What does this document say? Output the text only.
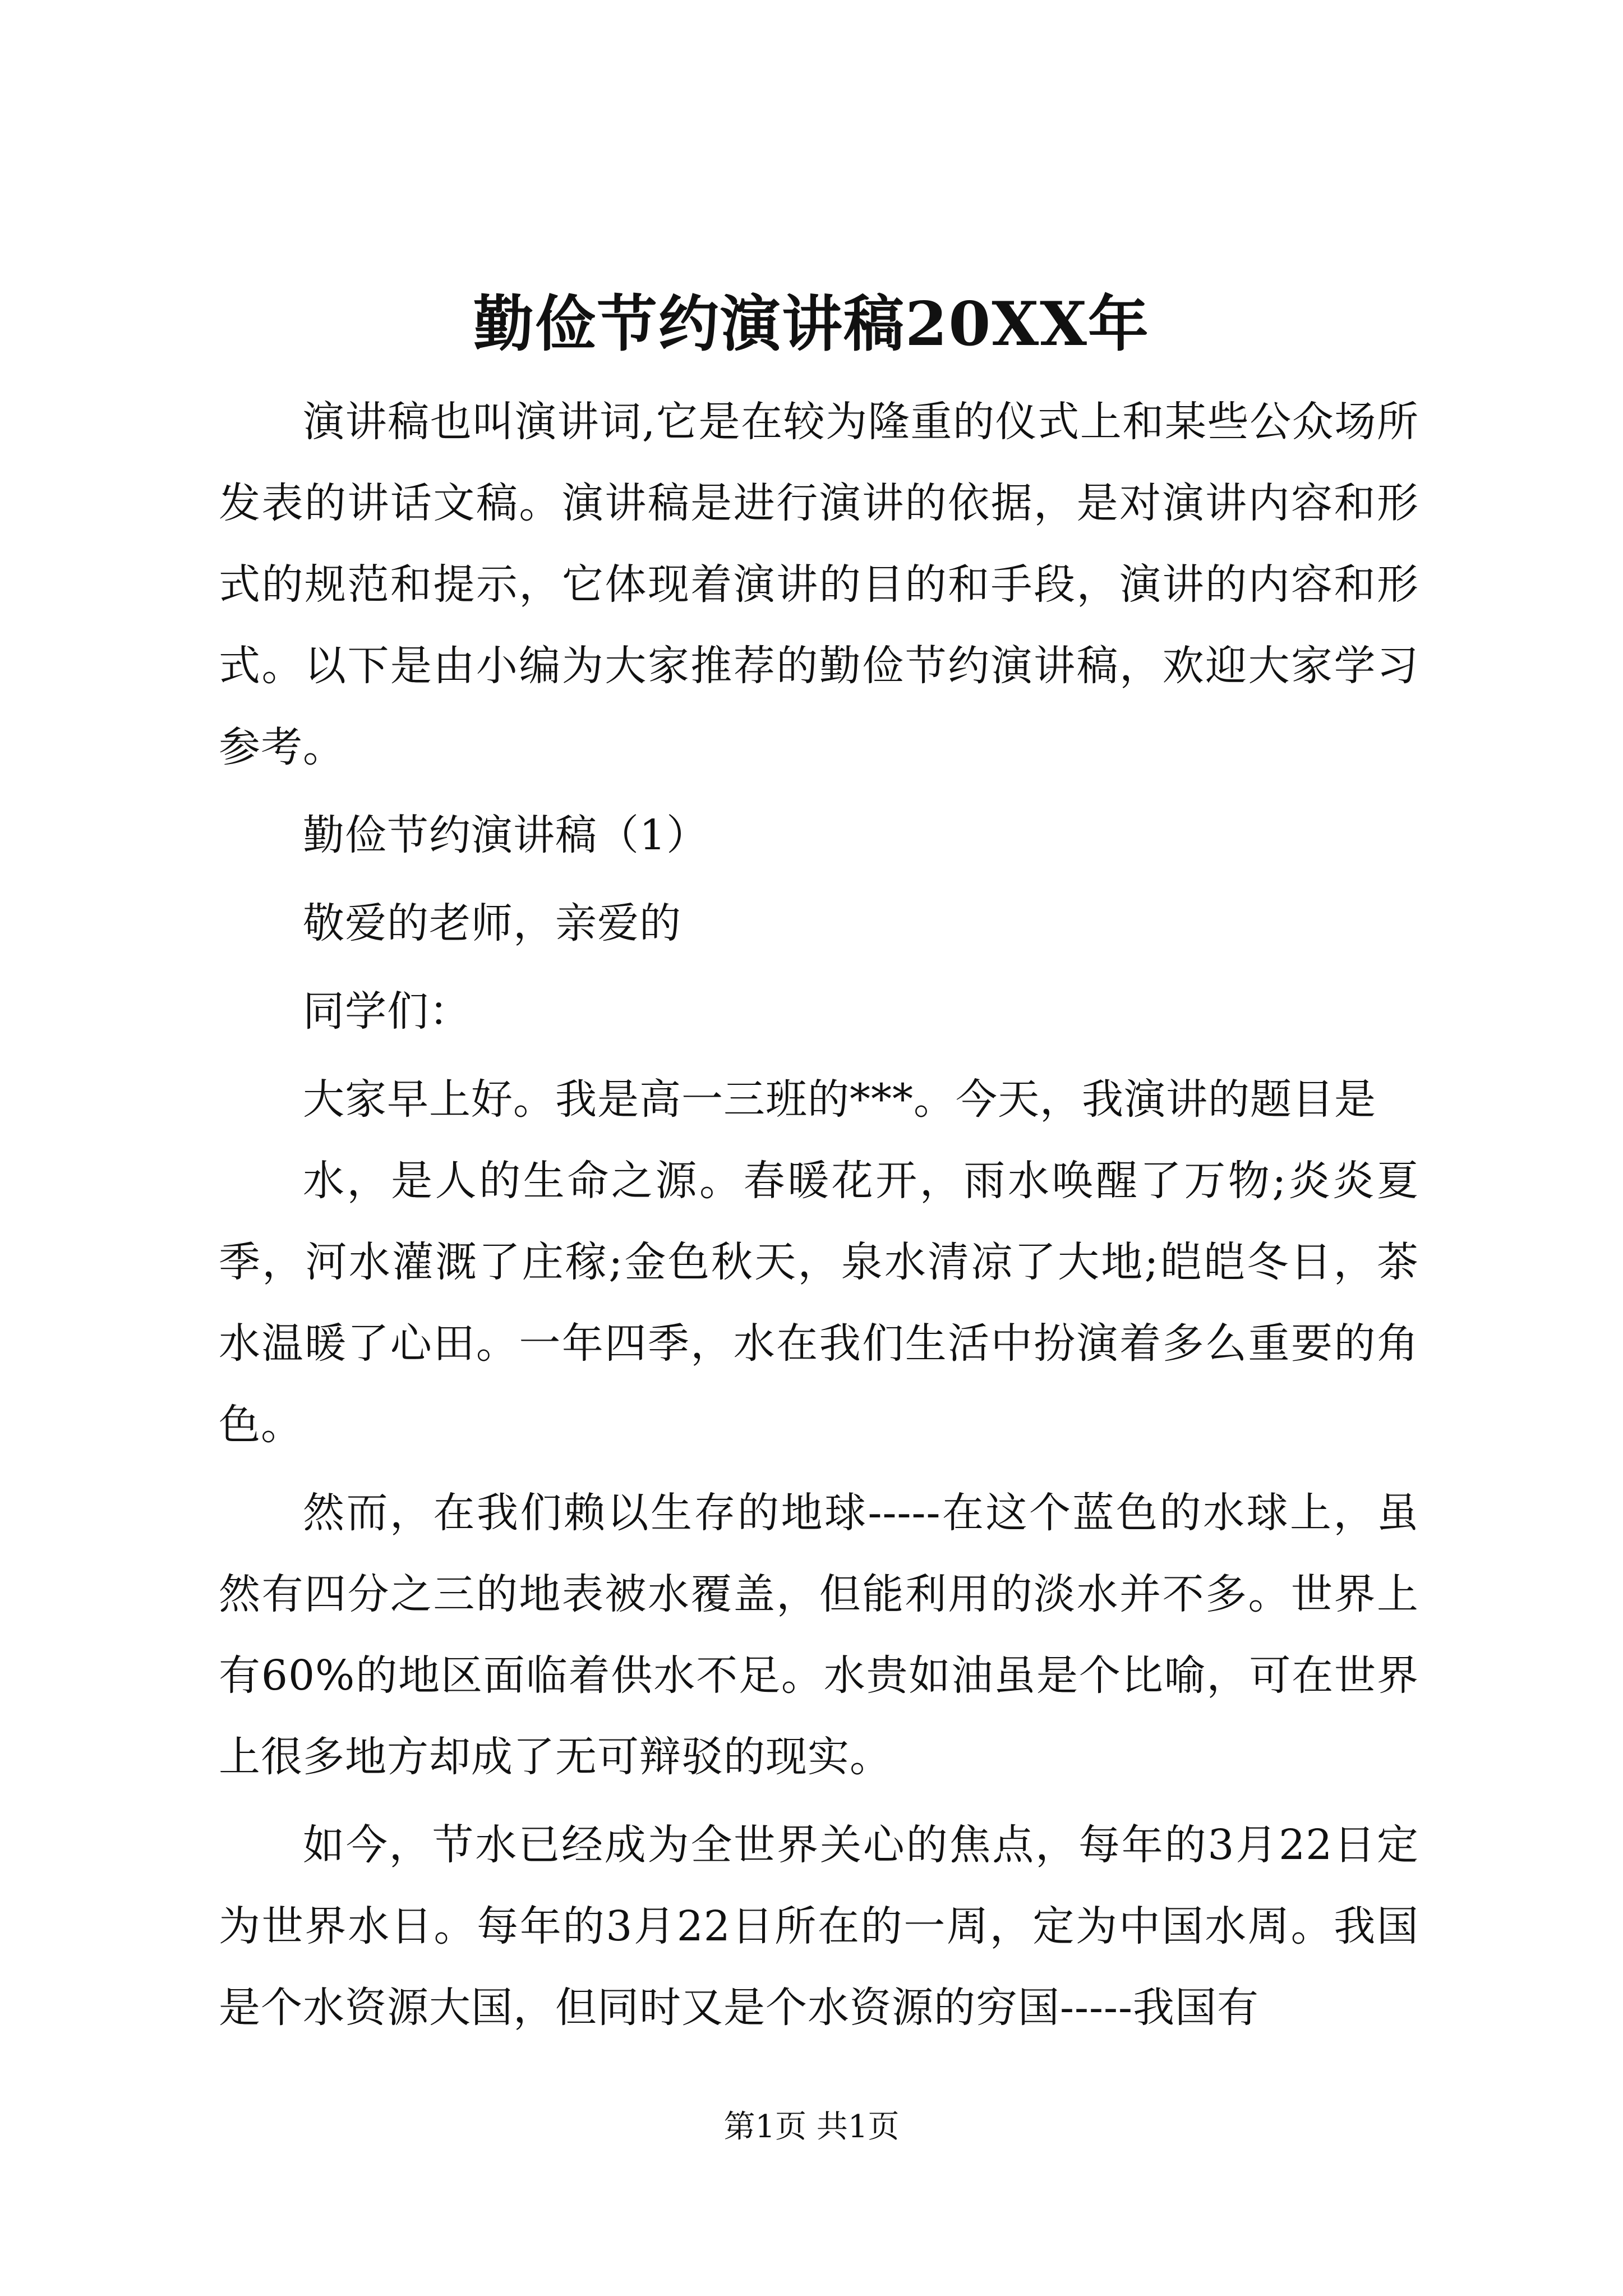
勤俭节约演讲稿20XX年

演讲稿也叫演讲词,它是在较为隆重的仪式上和某些公众场所发表的讲话文稿。演讲稿是进行演讲的依据，是对演讲内容和形式的规范和提示，它体现着演讲的目的和手段，演讲的内容和形式。以下是由小编为大家推荐的勤俭节约演讲稿，欢迎大家学习参考。

勤俭节约演讲稿（1）

敬爱的老师，亲爱的

同学们：

大家早上好。我是高一三班的***。今天，我演讲的题目是

水，是人的生命之源。春暖花开，雨水唤醒了万物;炎炎夏季，河水灌溉了庄稼;金色秋天，泉水清凉了大地;皑皑冬日，茶水温暖了心田。一年四季，水在我们生活中扮演着多么重要的角色。

然而，在我们赖以生存的地球-----在这个蓝色的水球上，虽然有四分之三的地表被水覆盖，但能利用的淡水并不多。世界上有60%的地区面临着供水不足。水贵如油虽是个比喻，可在世界上很多地方却成了无可辩驳的现实。

如今，节水已经成为全世界关心的焦点，每年的3月22日定为世界水日。每年的3月22日所在的一周，定为中国水周。我国是个水资源大国，但同时又是个水资源的穷国-----我国有

第1页 共1页
